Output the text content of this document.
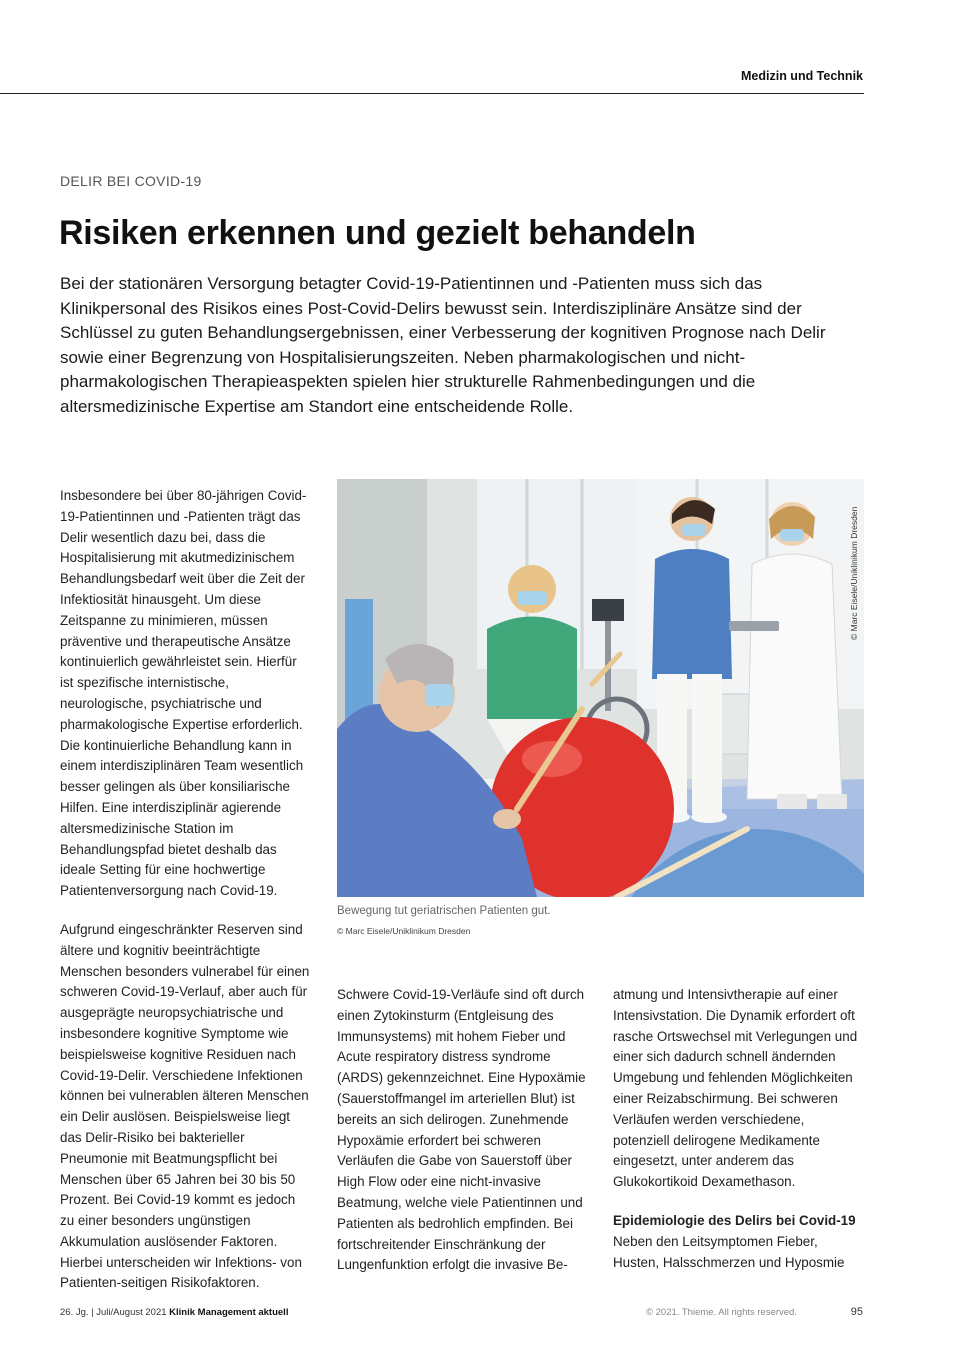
Medizin und Technik
DELIR BEI COVID-19
Risiken erkennen und gezielt behandeln

Bei der stationären Versorgung betagter Covid-19-Patientinnen und -Patienten muss sich das Klinikpersonal des Risikos eines Post-Covid-Delirs bewusst sein. Interdisziplinäre Ansätze sind der Schlüssel zu guten Behandlungsergebnissen, einer Verbesserung der kognitiven Prognose nach Delir sowie einer Begrenzung von Hospitalisierungszeiten. Neben pharmakologischen und nicht-pharmakologischen Therapieaspekten spielen hier strukturelle Rahmenbedingungen und die altersmedizinische Expertise am Standort eine entscheidende Rolle.

Insbesondere bei über 80-jährigen Covid-19-Patientinnen und -Patienten trägt das Delir wesentlich dazu bei, dass die Hospitalisierung mit akutmedizinischem Behandlungsbedarf weit über die Zeit der Infektiosität hinausgeht. Um diese Zeitspanne zu minimieren, müssen präventive und therapeutische Ansätze kontinuierlich gewährleistet sein. Hierfür ist spezifische internistische, neurologische, psychiatrische und pharmakologische Expertise erforderlich. Die kontinuierliche Behandlung kann in einem interdisziplinären Team wesentlich besser gelingen als über konsiliarische Hilfen. Eine interdisziplinär agierende altersmedizinische Station im Behandlungspfad bietet deshalb das ideale Setting für eine hochwertige Patientenversorgung nach Covid-19.

Aufgrund eingeschränkter Reserven sind ältere und kognitiv beeinträchtigte Menschen besonders vulnerabel für einen schweren Covid-19-Verlauf, aber auch für ausgeprägte neuropsychiatrische und insbesondere kognitive Symptome wie beispielsweise kognitive Residuen nach Covid-19-Delir. Verschiedene Infektionen können bei vulnerablen älteren Menschen ein Delir auslösen. Beispielsweise liegt das Delir-Risiko bei bakterieller Pneumonie mit Beatmungspflicht bei Menschen über 65 Jahren bei 30 bis 50 Prozent. Bei Covid-19 kommt es jedoch zu einer besonders ungünstigen Akkumulation auslösender Faktoren. Hierbei unterscheiden wir Infektions- von Patienten-seitigen Risikofaktoren.

© Marc Eisele/Uniklinikum Dresden
Bewegung tut geriatrischen Patienten gut.
© Marc Eisele/Uniklinikum Dresden

Schwere Covid-19-Verläufe sind oft durch einen Zytokinsturm (Entgleisung des Immunsystems) mit hohem Fieber und Acute respiratory distress syndrome (ARDS) gekennzeichnet. Eine Hypoxämie (Sauerstoffmangel im arteriellen Blut) ist bereits an sich delirogen. Zunehmende Hypoxämie erfordert bei schweren Verläufen die Gabe von Sauerstoff über High Flow oder eine nicht-invasive Beatmung, welche viele Patientinnen und Patienten als bedrohlich empfinden. Bei fortschreitender Einschränkung der Lungenfunktion erfolgt die invasive Be-

atmung und Intensivtherapie auf einer Intensivstation. Die Dynamik erfordert oft rasche Ortswechsel mit Verlegungen und einer sich dadurch schnell ändernden Umgebung und fehlenden Möglichkeiten einer Reizabschirmung. Bei schweren Verläufen werden verschiedene, potenziell delirogene Medikamente eingesetzt, unter anderem das Glukokortikoid Dexamethason.

Epidemiologie des Delirs bei Covid-19

Neben den Leitsymptomen Fieber, Husten, Halsschmerzen und Hyposmie

26. Jg. | Juli/August 2021 Klinik Management aktuell	© 2021. Thieme. All rights reserved.	95
